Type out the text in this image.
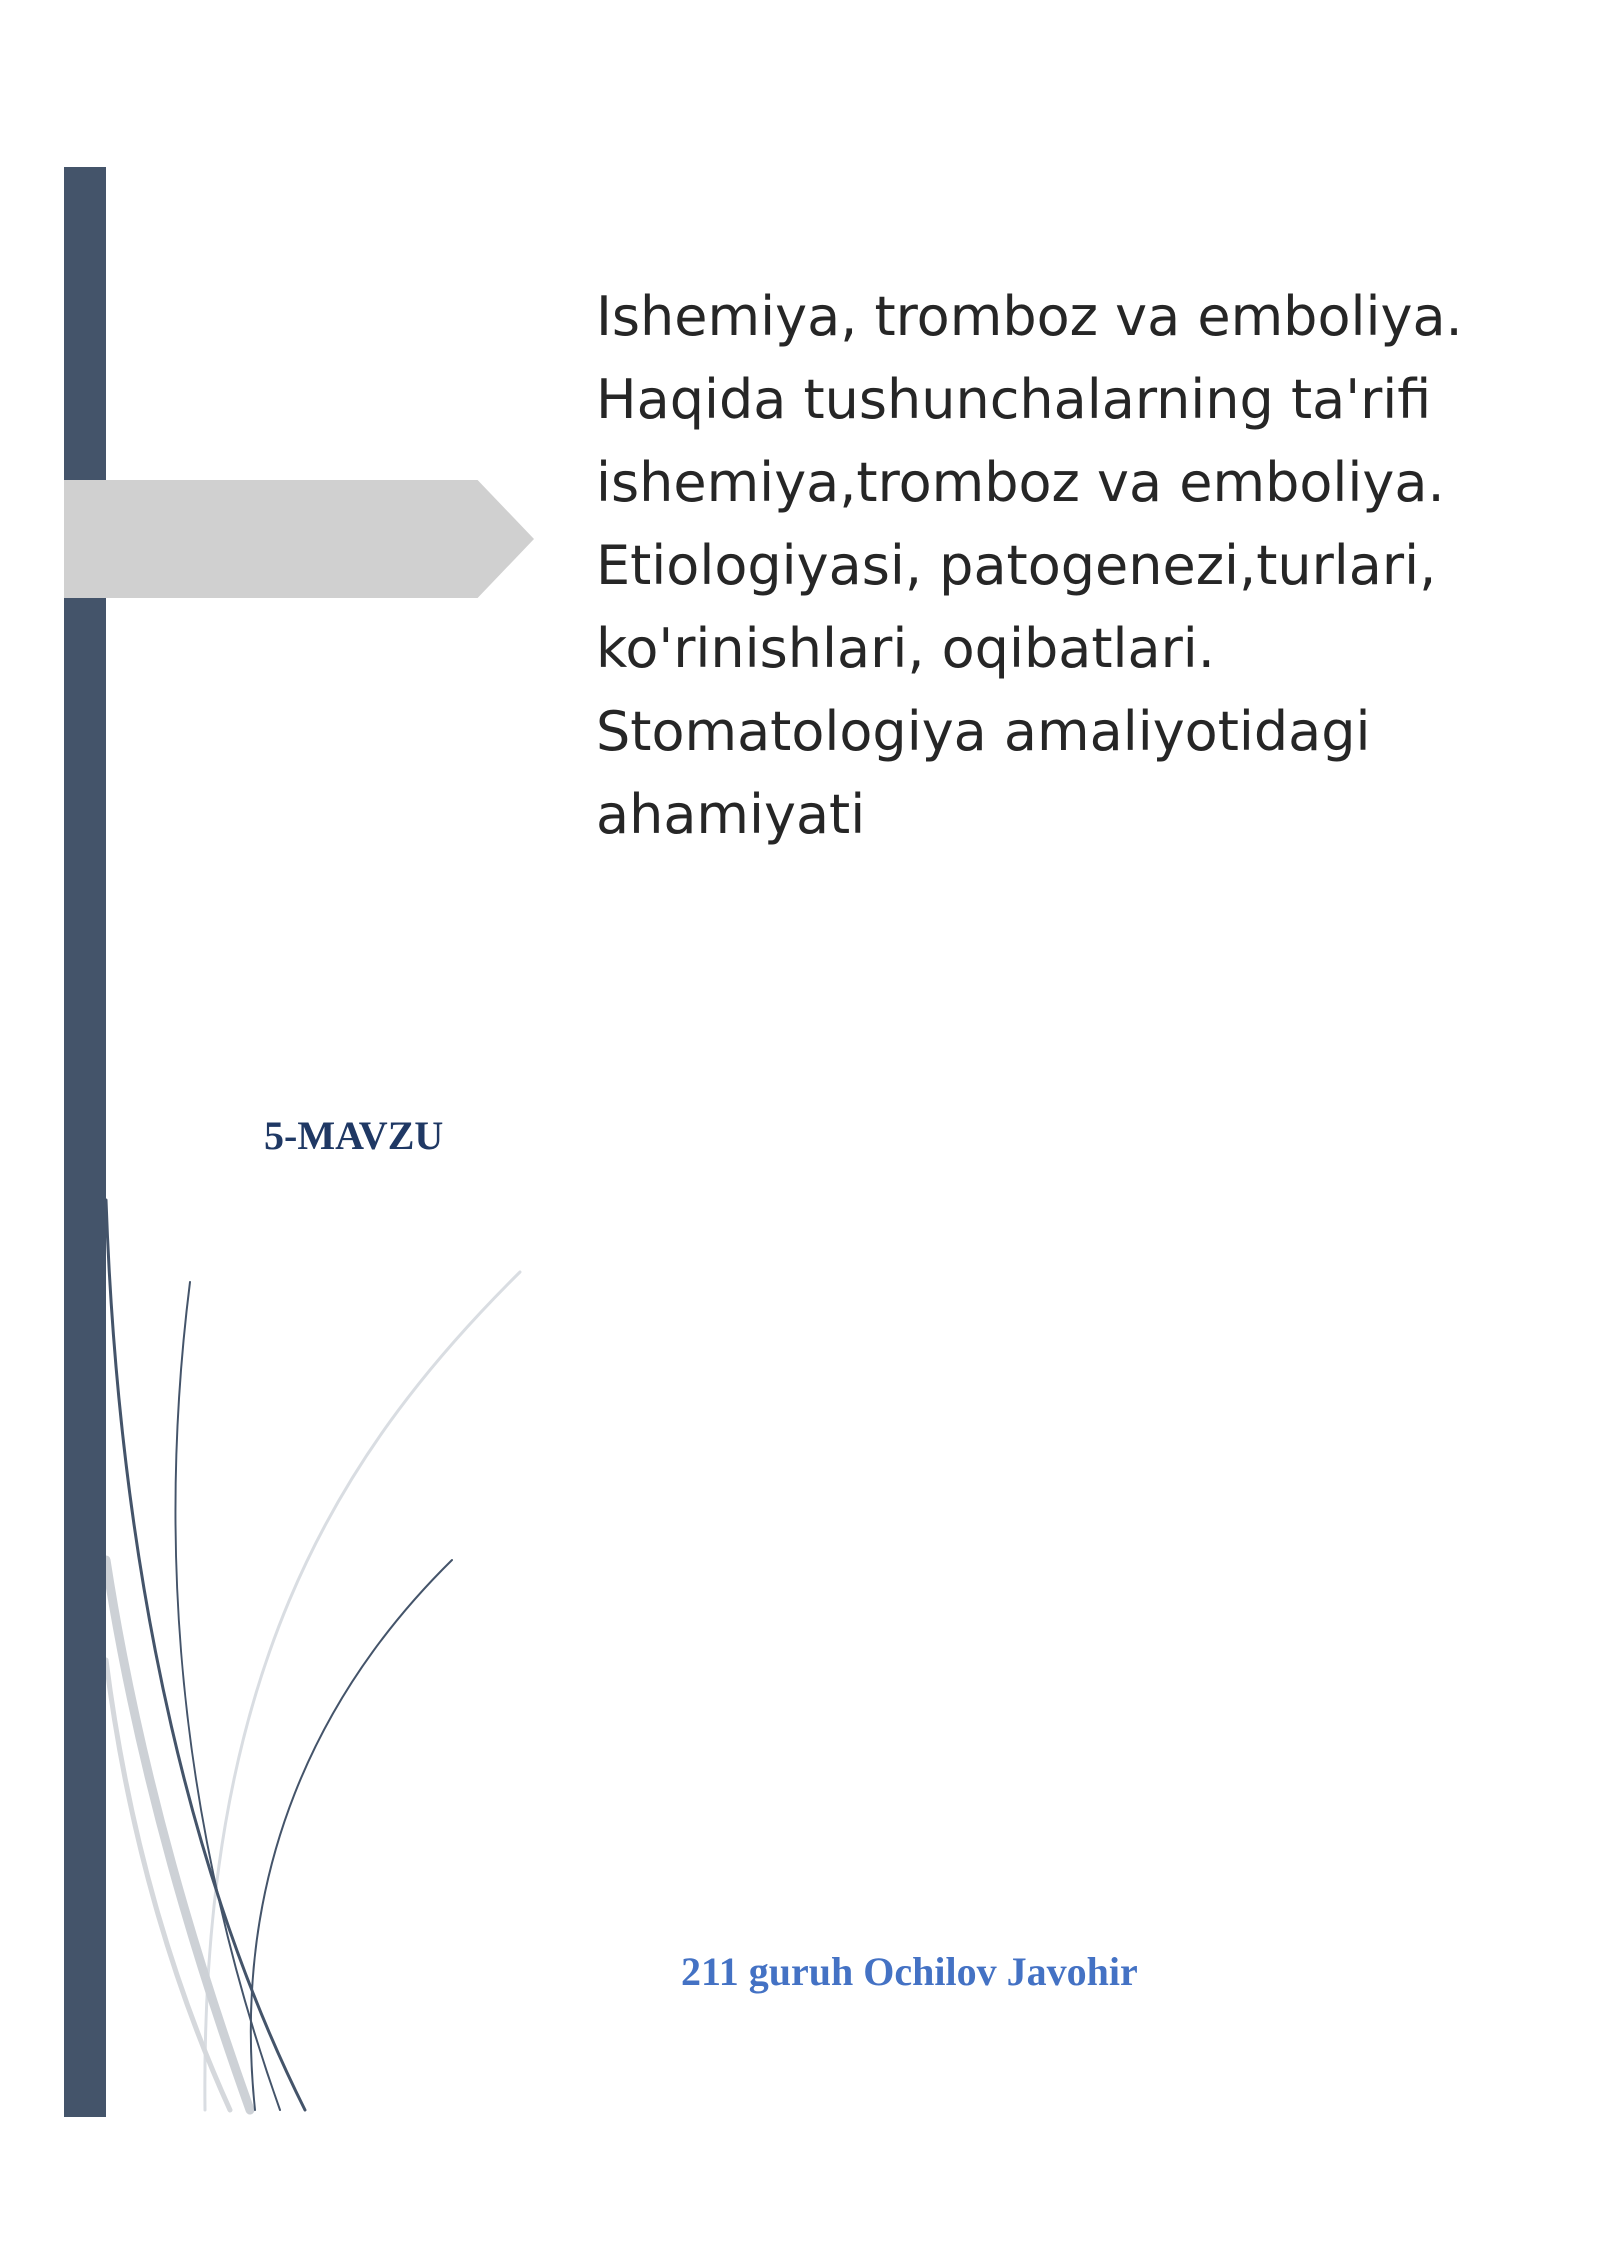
Ishemiya, tromboz va emboliya. Haqida tushunchalarning ta'rifi ishemiya,tromboz va emboliya. Etiologiyasi, patogenezi,turlari, ko'rinishlari, oqibatlari. Stomatologiya amaliyotidagi ahamiyati

5-MAVZU

211 guruh Ochilov Javohir
